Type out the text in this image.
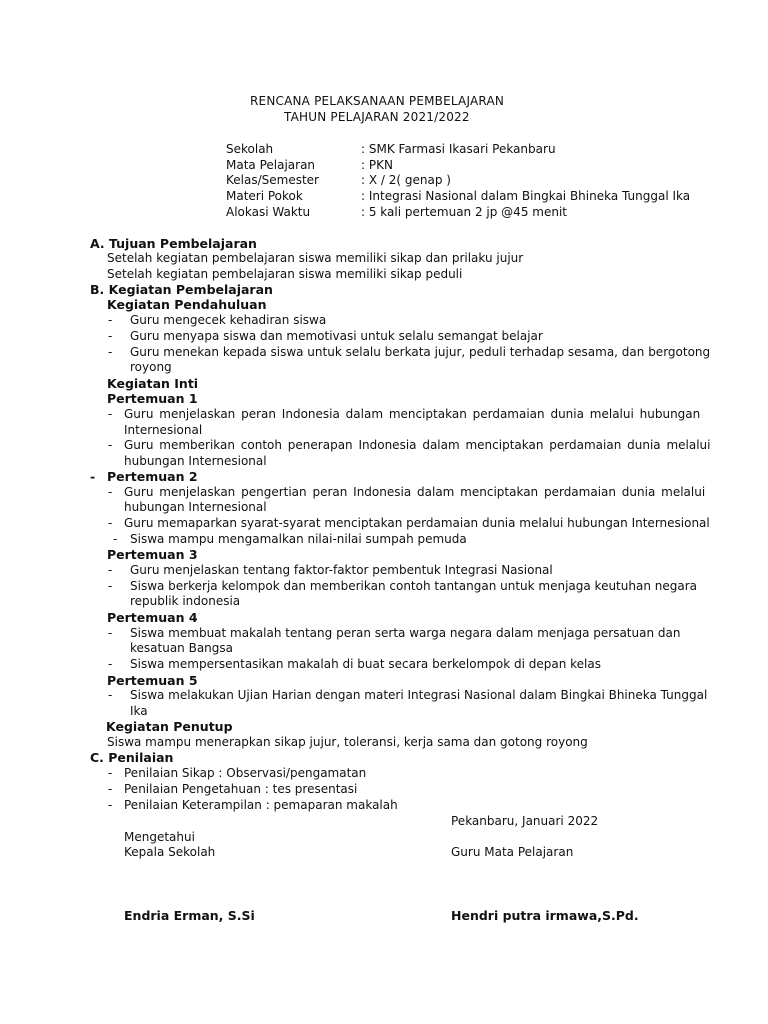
RENCANA PELAKSANAAN PEMBELAJARAN
TAHUN PELAJARAN 2021/2022
Sekolah	: SMK Farmasi Ikasari Pekanbaru
Mata Pelajaran	: PKN
Kelas/Semester	: X / 2( genap )
Materi Pokok	: Integrasi Nasional dalam Bingkai Bhineka Tunggal Ika
Alokasi Waktu	: 5 kali pertemuan 2 jp @45 menit
A. Tujuan Pembelajaran
Setelah kegiatan pembelajaran siswa memiliki sikap dan prilaku jujur
Setelah kegiatan pembelajaran siswa memiliki sikap peduli
B. Kegiatan Pembelajaran
Kegiatan Pendahuluan
- Guru mengecek kehadiran siswa
- Guru menyapa siswa dan memotivasi untuk selalu semangat belajar
- Guru menekan kepada siswa untuk selalu berkata jujur, peduli terhadap sesama, dan bergotong
royong
Kegiatan Inti
Pertemuan 1
- Guru menjelaskan peran Indonesia dalam menciptakan perdamaian dunia melalui hubungan
Internesional
- Guru memberikan contoh penerapan Indonesia dalam menciptakan perdamaian dunia melalui
hubungan Internesional
- Pertemuan 2
- Guru menjelaskan pengertian peran Indonesia dalam menciptakan perdamaian dunia melalui
hubungan Internesional
- Guru memaparkan syarat-syarat menciptakan perdamaian dunia melalui hubungan Internesional
- Siswa mampu mengamalkan nilai-nilai sumpah pemuda
Pertemuan 3
- Guru menjelaskan tentang faktor-faktor pembentuk Integrasi Nasional
- Siswa berkerja kelompok dan memberikan contoh tantangan untuk menjaga keutuhan negara
republik indonesia
Pertemuan 4
- Siswa membuat makalah tentang peran serta warga negara dalam menjaga persatuan dan
kesatuan Bangsa
- Siswa mempersentasikan makalah di buat secara berkelompok di depan kelas
Pertemuan 5
- Siswa melakukan Ujian Harian dengan materi Integrasi Nasional dalam Bingkai Bhineka Tunggal
Ika
Kegiatan Penutup
Siswa mampu menerapkan sikap jujur, toleransi, kerja sama dan gotong royong
C. Penilaian
- Penilaian Sikap : Observasi/pengamatan
- Penilaian Pengetahuan : tes presentasi
- Penilaian Keterampilan : pemaparan makalah
Pekanbaru, Januari 2022
Mengetahui
Kepala Sekolah	Guru Mata Pelajaran
Endria Erman, S.Si	Hendri putra irmawa,S.Pd.
